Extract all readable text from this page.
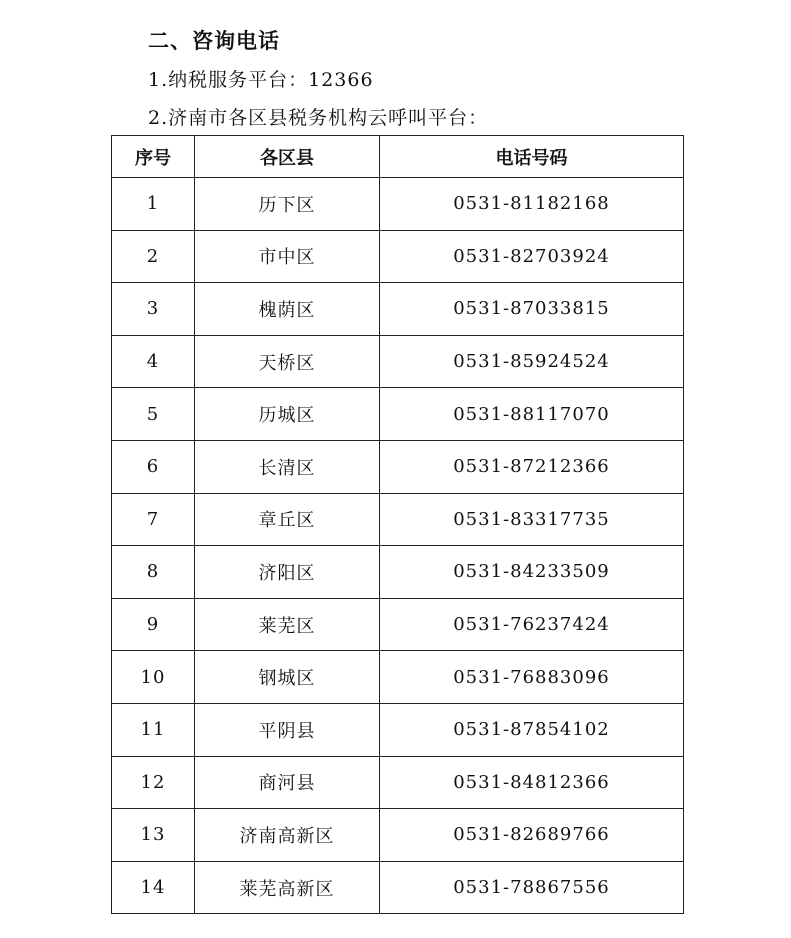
二、咨询电话
1.纳税服务平台：12366
2.济南市各区县税务机构云呼叫平台：
序号	各区县	电话号码
1	历下区	0531-81182168
2	市中区	0531-82703924
3	槐荫区	0531-87033815
4	天桥区	0531-85924524
5	历城区	0531-88117070
6	长清区	0531-87212366
7	章丘区	0531-83317735
8	济阳区	0531-84233509
9	莱芜区	0531-76237424
10	钢城区	0531-76883096
11	平阴县	0531-87854102
12	商河县	0531-84812366
13	济南高新区	0531-82689766
14	莱芜高新区	0531-78867556
